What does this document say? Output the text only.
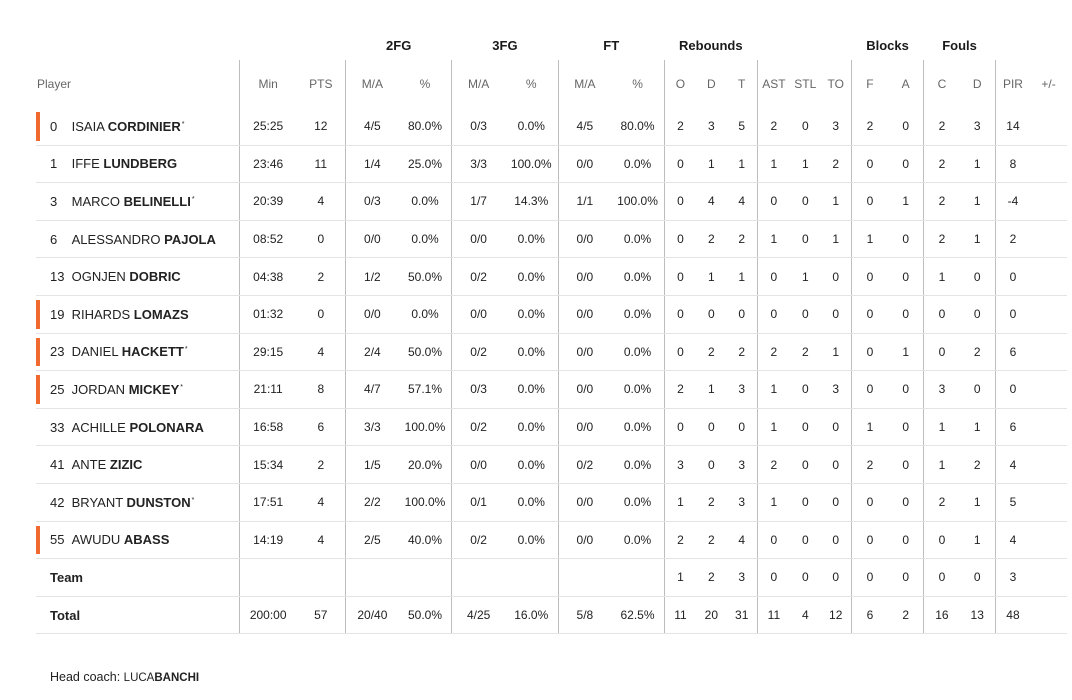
			2FG		3FG		FT		Rebounds						Blocks		Fouls			
Player	Min	PTS	M/A	%	M/A	%	M/A	%	O	D	T	AST	STL	TO	F	A	C	D	PIR	+/-

0 ISAIA CORDINIER*	25:25	12	4/5	80.0%	0/3	0.0%	4/5	80.0%	2	3	5	2	0	3	2	0	2	3	14	
1 IFFE LUNDBERG	23:46	11	1/4	25.0%	3/3	100.0%	0/0	0.0%	0	1	1	1	1	2	0	0	2	1	8	
3 MARCO BELINELLI*	20:39	4	0/3	0.0%	1/7	14.3%	1/1	100.0%	0	4	4	0	0	1	0	1	2	1	-4	
6 ALESSANDRO PAJOLA	08:52	0	0/0	0.0%	0/0	0.0%	0/0	0.0%	0	2	2	1	0	1	1	0	2	1	2	
13 OGNJEN DOBRIC	04:38	2	1/2	50.0%	0/2	0.0%	0/0	0.0%	0	1	1	0	1	0	0	0	1	0	0	

19 RIHARDS LOMAZS	01:32	0	0/0	0.0%	0/0	0.0%	0/0	0.0%	0	0	0	0	0	0	0	0	0	0	0	

23 DANIEL HACKETT*	29:15	4	2/4	50.0%	0/2	0.0%	0/0	0.0%	0	2	2	2	2	1	0	1	0	2	6	

25 JORDAN MICKEY*	21:11	8	4/7	57.1%	0/3	0.0%	0/0	0.0%	2	1	3	1	0	3	0	0	3	0	0	
33 ACHILLE POLONARA	16:58	6	3/3	100.0%	0/2	0.0%	0/0	0.0%	0	0	0	1	0	0	1	0	1	1	6	
41 ANTE ZIZIC	15:34	2	1/5	20.0%	0/0	0.0%	0/2	0.0%	3	0	3	2	0	0	2	0	1	2	4	
42 BRYANT DUNSTON*	17:51	4	2/2	100.0%	0/1	0.0%	0/0	0.0%	1	2	3	1	0	0	0	0	2	1	5	

55 AWUDU ABASS	14:19	4	2/5	40.0%	0/2	0.0%	0/0	0.0%	2	2	4	0	0	0	0	0	0	1	4	
Team									1	2	3	0	0	0	0	0	0	0	3	
Total	200:00	57	20/40	50.0%	4/25	16.0%	5/8	62.5%	11	20	31	11	4	12	6	2	16	13	48	
Head coach: LUCABANCHI
